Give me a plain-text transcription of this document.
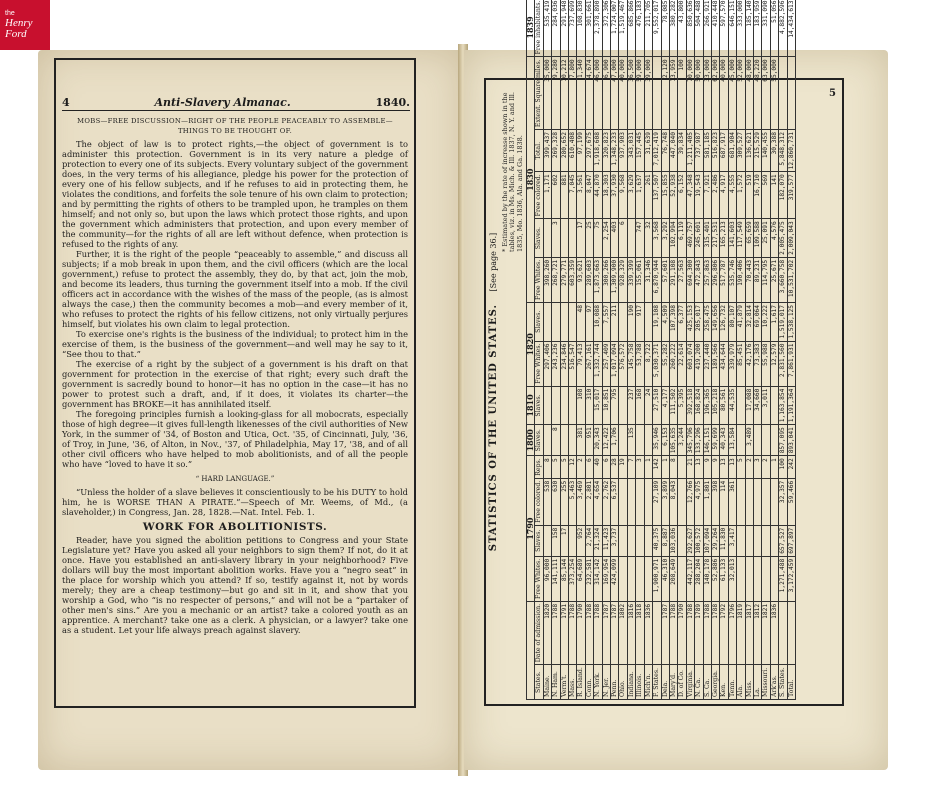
the
Henry Ford
4	Anti-Slavery Almanac.	1840.

MOBS—FREE DISCUSSION—RIGHT OF THE PEOPLE PEACEABLY TO ASSEMBLE—THINGS TO BE THOUGHT OF.

The object of law is to protect rights,—the object of government is to administer this protection. Government is in its very nature a pledge of protection to every one of its subjects. Every voluntary subject of the government does, in the very terms of his allegiance, pledge his power for the protection of every one of his fellow subjects, and if he refuses to aid in protecting them, he violates the conditions, and forfeits the sole tenure of his own claim to protection; and by permitting the rights of others to be trampled upon, he tramples on them himself; and not only so, but upon the laws which protect those rights, and upon the government which administers that protection, and upon every member of the community—for the rights of all are left without defence, when protection is refused to the rights of any.

Further, it is the right of the people “peaceably to assemble,” and discuss all subjects; if a mob break in upon them, and the civil officers (which are the local government,) refuse to protect the assembly, they do, by that act, join the mob, and become its leaders, thus turning the government itself into a mob. If the civil officers act in accordance with the wishes of the mass of the people, (as is almost always the case,) then the community becomes a mob—and every member of it, who refuses to protect the rights of his fellow citizens, not only virtually perjures himself, but violates his own claim to legal protection.

To exercise one's rights is the business of the individual; to protect him in the exercise of them, is the business of the government—and well may he say to it, “See thou to that.”

The exercise of a right by the subject of a government is his draft on that government for protection in the exercise of that right; every such draft the government is sacredly bound to honor—it has no option in the case—it has no power to protest such a draft, and, if it does, it violates its charter—the government has BROKE—it has annihilated itself.

The foregoing principles furnish a looking-glass for all mobocrats, especially those of high degree—it gives full-length likenesses of the civil authorities of New York, in the summer of '34, of Boston and Utica, Oct. '35, of Cincinnati, July, '36, of Troy, in June, '36, of Alton, in Nov., '37, of Philadelphia, May 17, '38, and of all other civil officers who have helped to mob abolitionists, and of all the people who have “loved to have it so.”

“ HARD LANGUAGE.”

“Unless the holder of a slave believes it conscientiously to be his DUTY to hold him, he is WORSE THAN A PIRATE.”—Speech of Mr. Weems, of Md., (a slaveholder,) in Congress, Jan. 28, 1828.—Nat. Intel. Feb. 1.

WORK FOR ABOLITIONISTS.

Reader, have you signed the abolition petitions to Congress and your State Legislature yet? Have you asked all your neighbors to sign them? If not, do it at once. Have you established an anti-slavery library in your neighborhood? Five dollars will buy the most important abolition works. Have you a “negro seat” in the place for worship which you attend? If so, testify against it, not by words merely; they are a cheap testimony—but go and sit in it, and show that you worship a God, who “is no respecter of persons,” and will not be a “partaker of other men's sins.” Are you a mechanic or an artist? take a colored youth as an apprentice. A merchant? take one as a clerk. A physician, or a lawyer? take one as a student. Let your life always preach against slavery.

5
STATISTICS OF THE UNITED STATES. [See page 36.]
* Estimated by the rate of increase shown in the tables, viz. in Ms. Mich. & Ill. 1837, N. Y. and Ill. 1835, Mo. 1836, Ala. and Ga. 1838.
		1790				1800	1810	1820		1830					1839	
States.	Date of admission.	Free Whites.	Slaves.	Free colored.	Reps.	Slaves.	Slaves.	Free Whites.	Slaves.	Free Whites.	Slaves.	Free colored.	Total.	Extent. Square miles.	Free inhabitants.	
Maine.	1820	96,000		538	8			297,406		398,260		1,171	399,437	35,000	535,419	
N. Ham.	1788	141,111	158	630	5	8		243,236		268,721	3	602	269,328	9,280	284,036	
Verm't.	1791	85,144	17	255	5			234,846		279,771		881	280,652	10,212	291,948	
Mass.	1788	373,254		5,463	12			516,547		603,359		7,045	610,408	7,800	737,699	
R. Island.	1790	64,689	952	3,469	2	381	108	79,413	48	93,621	17	3,561	97,199	1,340	108,830	
Conn.	1788	232,581	2,764	2,801	6	951	310	267,161	97	289,603	25	8,047	297,675	4,674	301,661	
N. York.	1788	314,142	21,324	4,654	40	20,343	15,017	1,332,744	10,088	1,873,663	75	44,870	1,918,608	46,000	2,378,890	
N. Jer.	1787	169,954	11,423	2,762	6	12,422	10,851	257,409	7,557	300,266	2,254	18,303	320,823	6,900	372,306	
Penn.	1787	424,099	3,737	6,537	28	1,706	795	1,017,094	211	1,309,900	403	37,930	1,348,233	47,000	1,724,007	
Ohio.	1802				19			576,572		928,329	6	9,568	937,903	40,000	1,519,467	
Indiana.	1816				7	135	237	145,758	190	339,399		3,629	343,031	36,500	685,866	
Illinois.	1818				3		168	53,788	917	155,061	747	1,637	157,445	59,000	476,183	
Mich'n.	1836				1		24	8,722		31,346	32	261	31,639	39,000	211,705	
F. States.		1,900,971	40,375	27,109	142	35,946	27,510	5,030,371	19,108	6,870,944	3,568	137,507	7,012,419		9,552,017	
Dela.	1787	46,310	8,887	3,899	1	6,153	4,177	55,282	4,509	57,601	3,292	15,855	76,748	2,120	78,085	
Mary'd.	1788	208,649	103,036	8,043	8	105,635	111,502	260,222	107,398	291,108	102,994	52,938	447,040	13,959	380,282	
D. of Co.	1790					3,244	5,395	22,614	6,377	27,563	6,119	6,152	39,834	100	43,800	
Virginia.	1788	442,117	292,627	12,766	21	345,796	392,518	603,074	425,153	694,300	469,757	47,348	1,211,405	70,000	850,636	
N. Ca.	1789	288,204	100,572	4,975	13	133,296	168,824	419,200	205,017	472,843	245,601	19,543	737,987	50,000	504,488	
S. Ca.	1788	140,178	107,094	1,801	9	146,151	196,365	237,440	258,475	257,863	315,401	7,921	581,185	33,000	266,921	
Georgia.	1788	52,886	29,264	398	9	59,699	105,218	189,566	149,656	296,806	217,531	2,486	516,823	62,000	410,448	
Ken.	1792	61,133	11,830	114	13	40,343	80,561	434,644	126,732	517,787	165,213	4,917	687,917	40,000	597,570	
Tenn.	1796	32,013	3,417	361	13	13,584	44,535	339,979	80,107	535,746	141,603	4,555	681,904	45,000	646,151	
Ala.	1819				5			85,451	41,879	190,406	117,549	1,572	309,527	52,000	333,000	
Miss.	1817				2	3,489	17,088	42,176	32,814	70,443	65,659	519	136,621	48,000	185,140	
La.	1812				3		34,660	73,383	69,064	89,231	109,588	16,710	215,529	48,220	183,959	
Missouri.	1821				2		3,011	55,988	10,222	114,795	25,091	569	140,455	63,000	331,090	
Ark'as.	1836				1			12,579	1,617	25,671	4,576	141	30,388	55,000	51,056	
S. States.		1,271,488	657,527	32,357	100	857,095	1,163,854	2,831,560	1,519,017	3,660,758	2,005,475	182,070	5,848,312		4,882,596	
Total.		3,172,459	697,897	59,466	242	893,041	1,191,364	7,861,931	1,538,125	10,531,702	2,009,043	319,577	12,860,731		14,434,613	
